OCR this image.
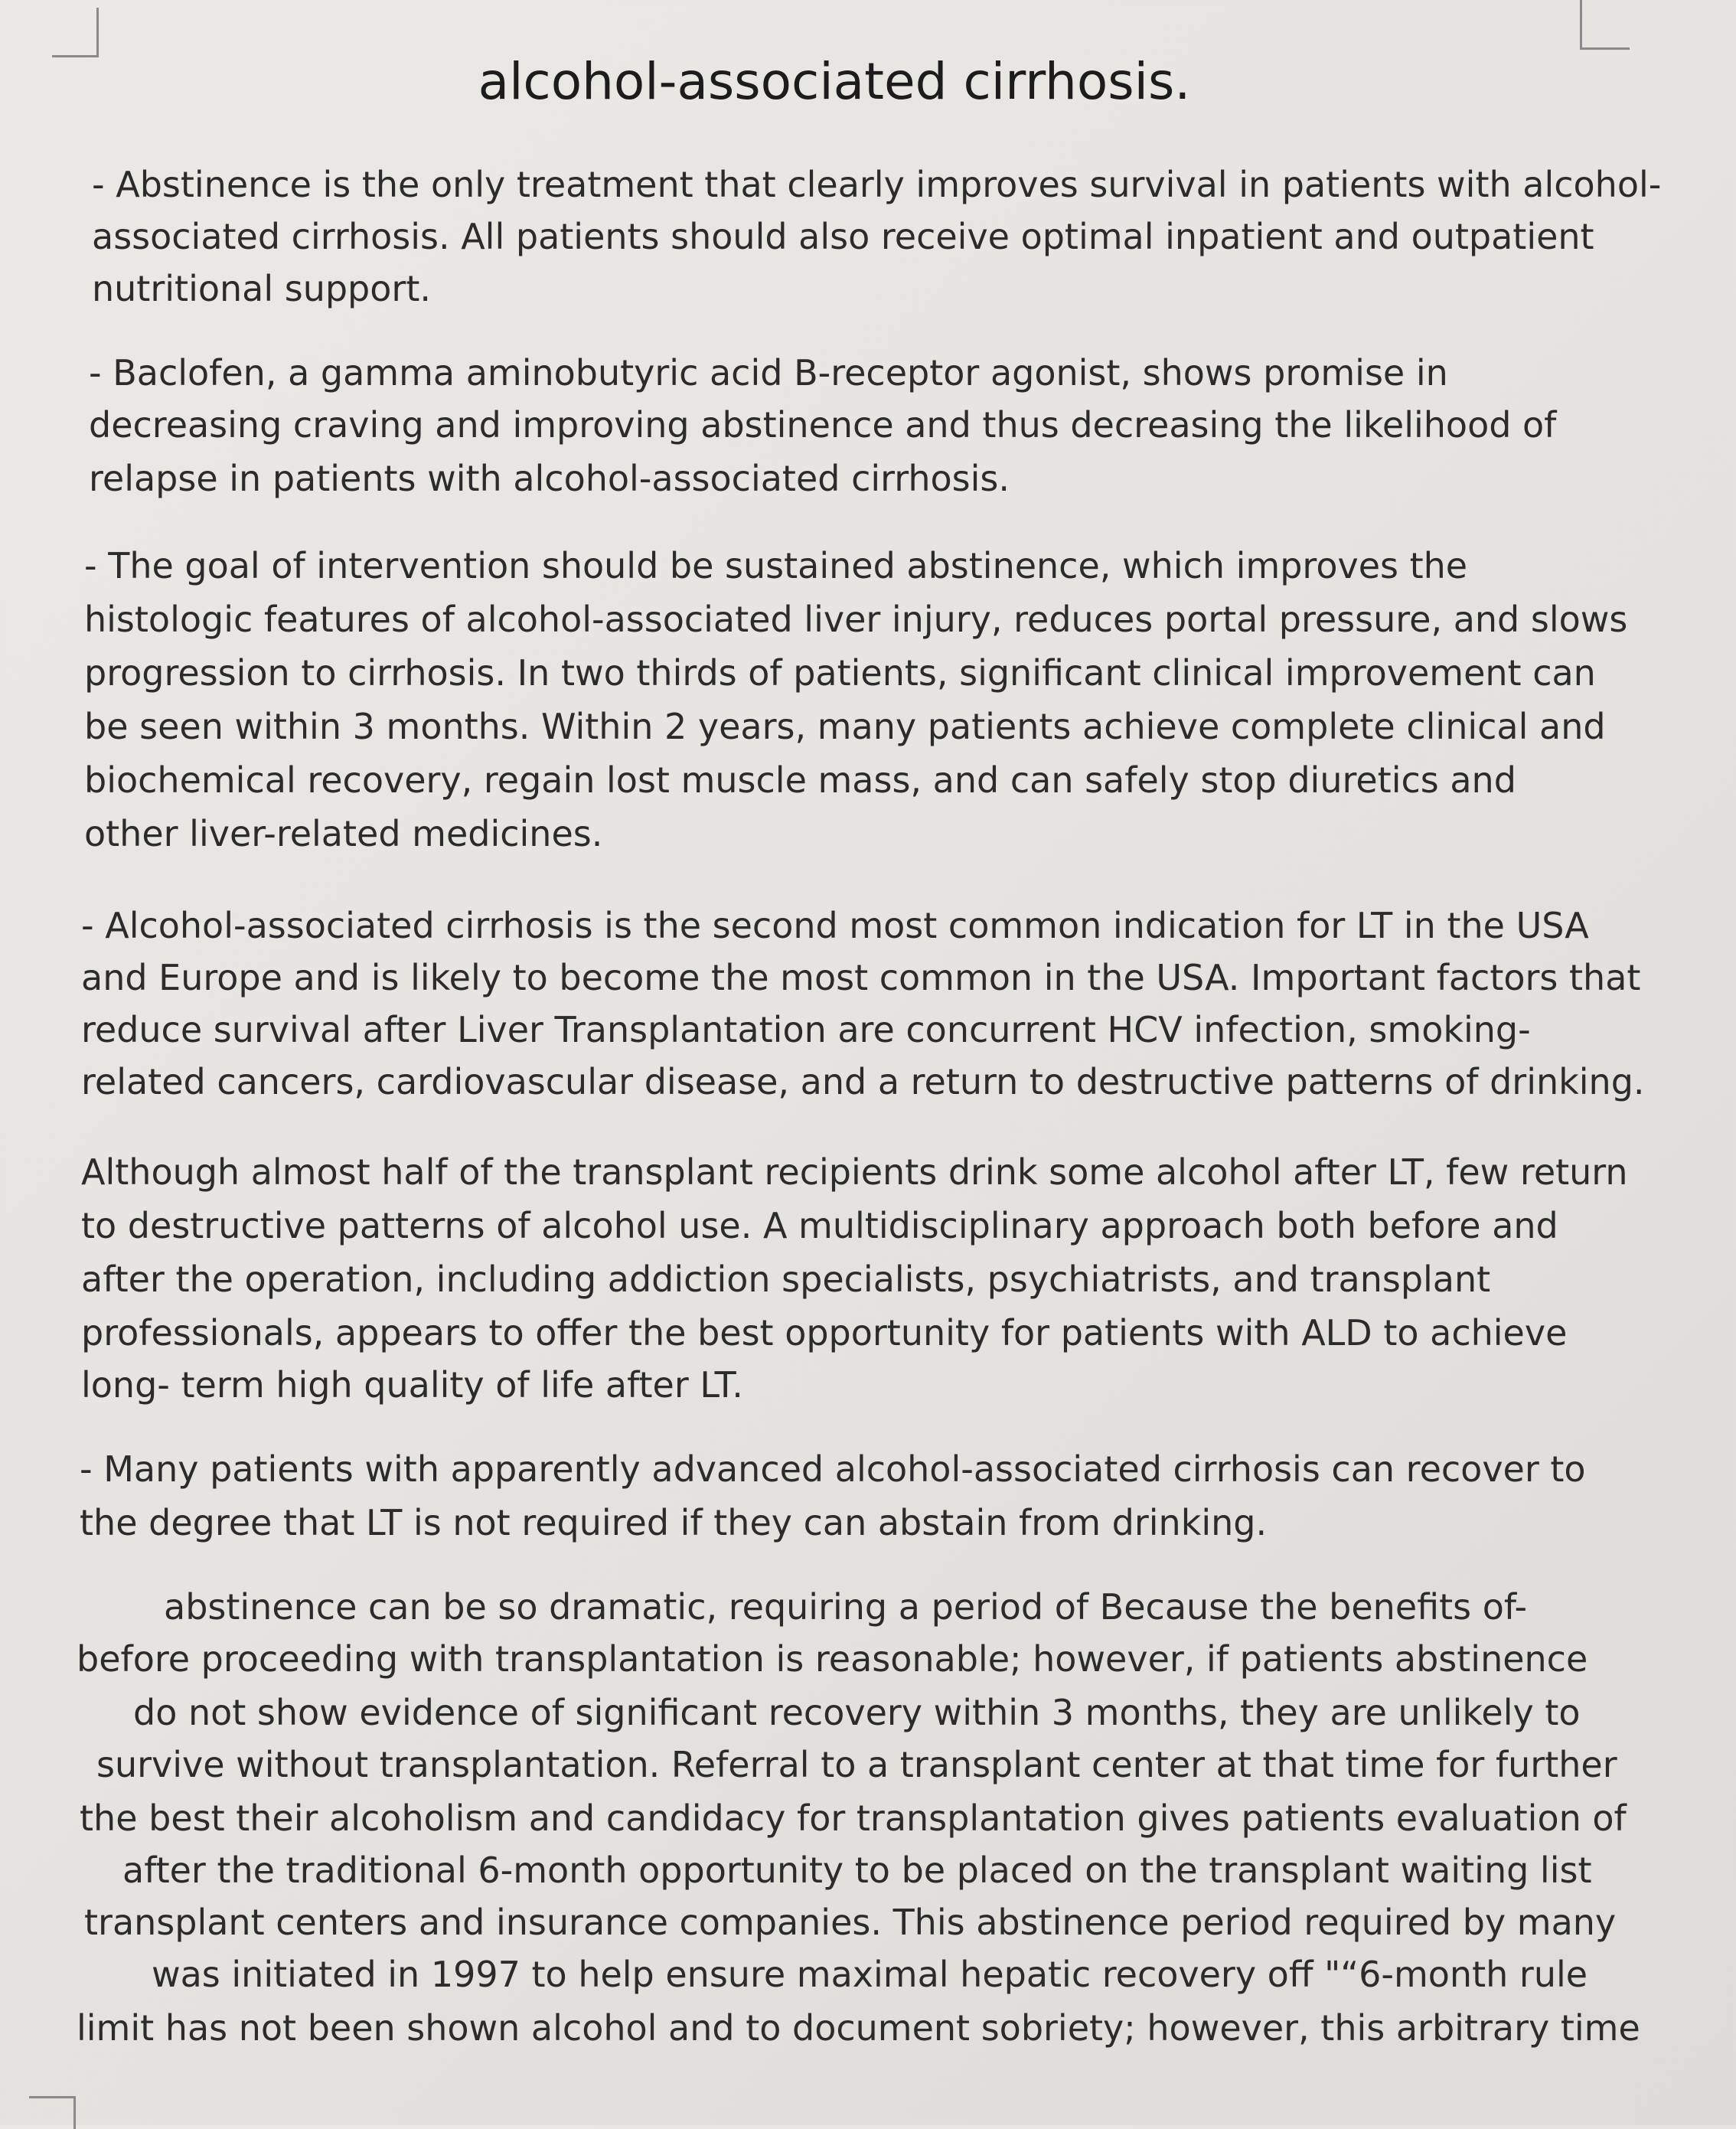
alcohol-associated cirrhosis.
- Abstinence is the only treatment that clearly improves survival in patients with alcohol-
associated cirrhosis. All patients should also receive optimal inpatient and outpatient
nutritional support.
- Baclofen, a gamma aminobutyric acid B-receptor agonist, shows promise in
decreasing craving and improving abstinence and thus decreasing the likelihood of
relapse in patients with alcohol-associated cirrhosis.
- The goal of intervention should be sustained abstinence, which improves the
histologic features of alcohol-associated liver injury, reduces portal pressure, and slows
progression to cirrhosis. In two thirds of patients, significant clinical improvement can
be seen within 3 months. Within 2 years, many patients achieve complete clinical and
biochemical recovery, regain lost muscle mass, and can safely stop diuretics and
other liver-related medicines.
- Alcohol-associated cirrhosis is the second most common indication for LT in the USA
and Europe and is likely to become the most common in the USA. Important factors that
reduce survival after Liver Transplantation are concurrent HCV infection, smoking-
related cancers, cardiovascular disease, and a return to destructive patterns of drinking.
Although almost half of the transplant recipients drink some alcohol after LT, few return
to destructive patterns of alcohol use. A multidisciplinary approach both before and
after the operation, including addiction specialists, psychiatrists, and transplant
professionals, appears to offer the best opportunity for patients with ALD to achieve
long- term high quality of life after LT.
- Many patients with apparently advanced alcohol-associated cirrhosis can recover to
the degree that LT is not required if they can abstain from drinking.
abstinence can be so dramatic, requiring a period of Because the benefits of-
before proceeding with transplantation is reasonable; however, if patients abstinence
do not show evidence of significant recovery within 3 months, they are unlikely to
survive without transplantation. Referral to a transplant center at that time for further
the best their alcoholism and candidacy for transplantation gives patients evaluation of
after the traditional 6-month opportunity to be placed on the transplant waiting list
transplant centers and insurance companies. This abstinence period required by many
was initiated in 1997 to help ensure maximal hepatic recovery off "“6-month rule
limit has not been shown alcohol and to document sobriety; however, this arbitrary time
